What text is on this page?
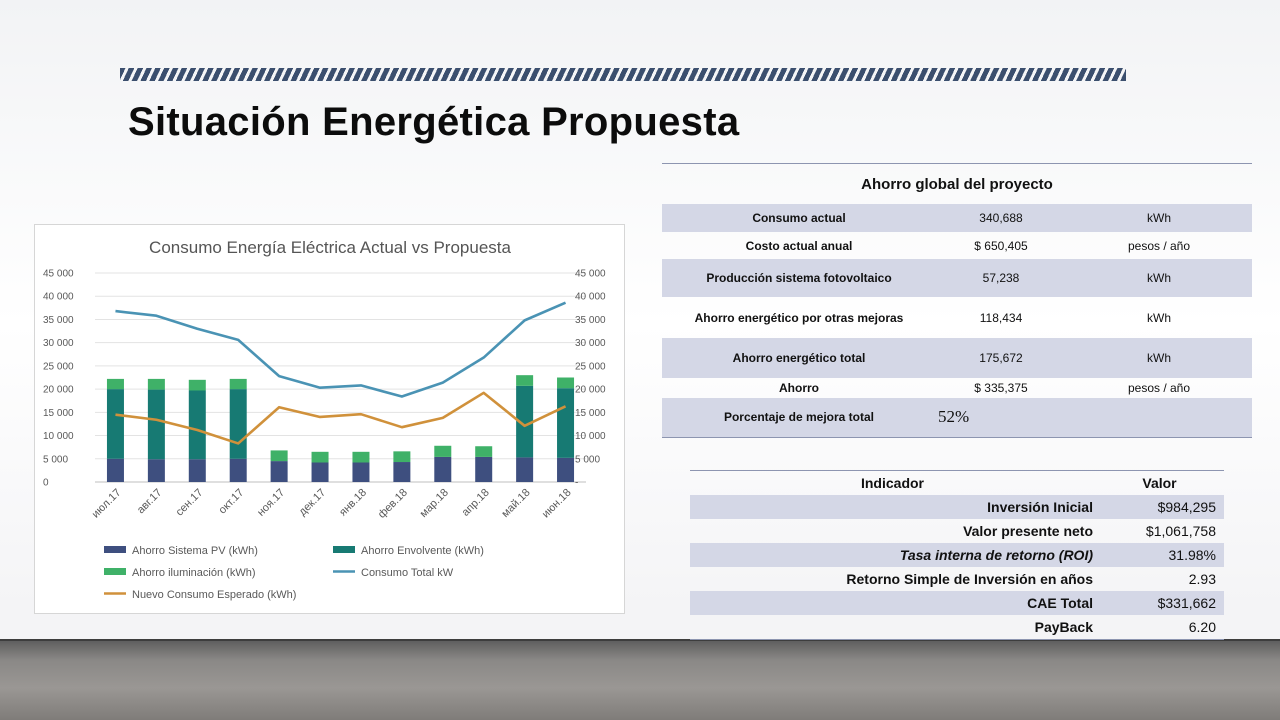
Situación Energética Propuesta
Consumo Energía Eléctrica Actual vs Propuesta
0	-
5 000	5 000
10 000	10 000
15 000	15 000
20 000	20 000
25 000	25 000
30 000	30 000
35 000	35 000
40 000	40 000
45 000	45 000
июл.17 авг.17 сен.17 окт.17 ноя.17 дек.17 янв.18 фев.18 мар.18 апр.18 май.18 июн.18
Ahorro Sistema PV (kWh)	Ahorro Envolvente (kWh)
Ahorro iluminación (kWh)	Consumo Total kW
Nuevo Consumo Esperado (kWh)
Ahorro global del proyecto		
Consumo actual	340,688	kWh
Costo actual anual	$ 650,405	pesos / año
Producción sistema fotovoltaico	57,238	kWh
Ahorro energético por otras mejoras	118,434	kWh
Ahorro energético total	175,672	kWh
Ahorro	$ 335,375	pesos / año
Porcentaje de mejora total	52%	
Indicador	Valor
Inversión Inicial	$984,295
Valor presente neto	$1,061,758
Tasa interna de retorno (ROI)	31.98%
Retorno Simple de Inversión en años	2.93
CAE Total	$331,662
PayBack	6.20
